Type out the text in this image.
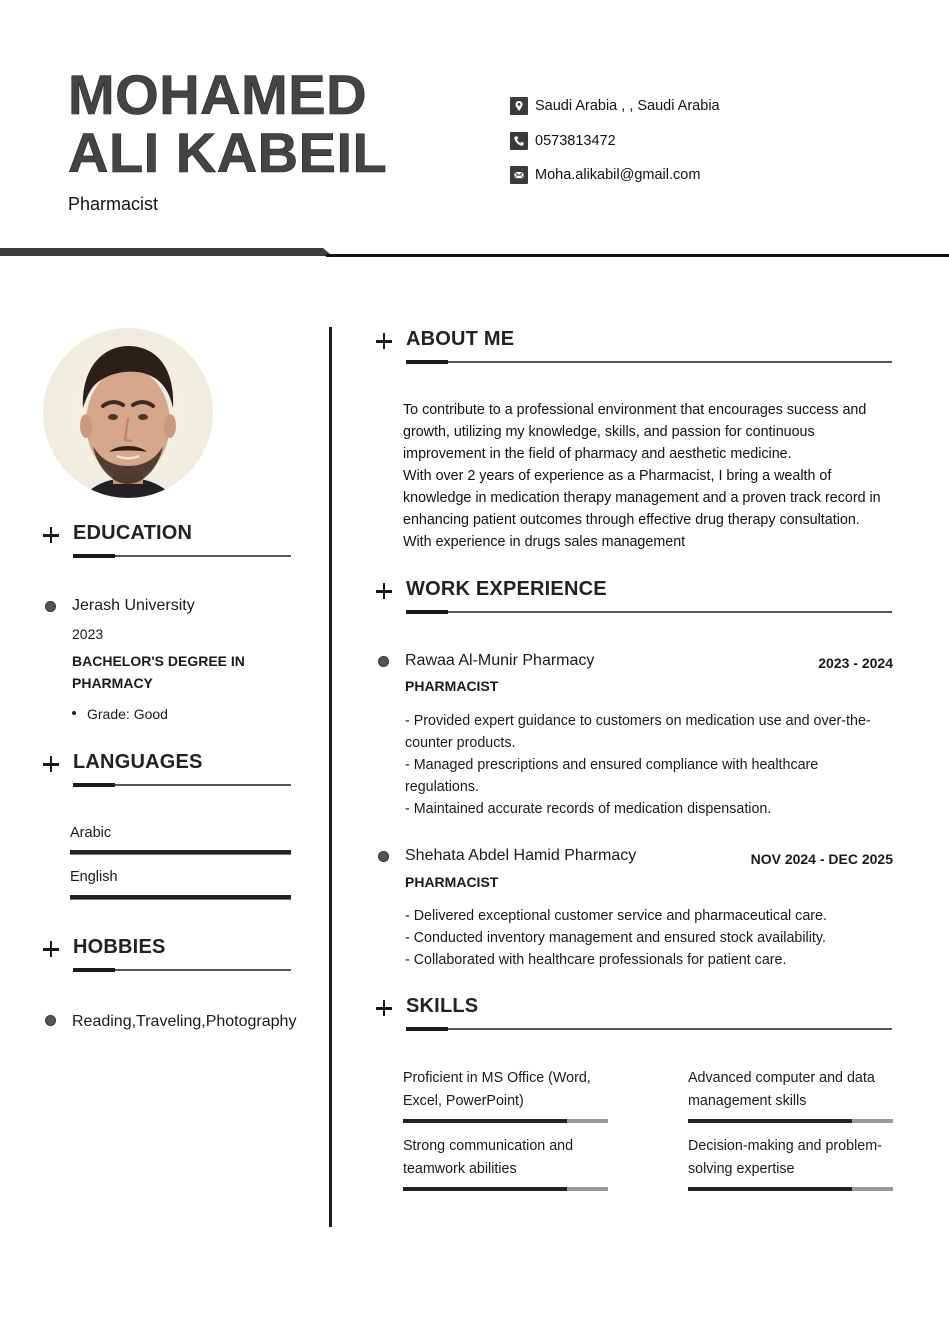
MOHAMED
ALI KABEIL
Pharmacist
Saudi Arabia , , Saudi Arabia
0573813472
Moha.alikabil@gmail.com
EDUCATION
Jerash University
2023
BACHELOR'S DEGREE IN PHARMACY
Grade: Good
LANGUAGES
Arabic
English
HOBBIES
Reading,Traveling,Photography
ABOUT ME

To contribute to a professional environment that encourages success and growth, utilizing my knowledge, skills, and passion for continuous improvement in the field of pharmacy and aesthetic medicine.

With over 2 years of experience as a Pharmacist, I bring a wealth of knowledge in medication therapy management and a proven track record in enhancing patient outcomes through effective drug therapy consultation.

With experience in drugs sales management

WORK EXPERIENCE
Rawaa Al-Munir Pharmacy	2023 - 2024
PHARMACIST
- Provided expert guidance to customers on medication use and over-the-counter products.
- Managed prescriptions and ensured compliance with healthcare regulations.
- Maintained accurate records of medication dispensation.
Shehata Abdel Hamid Pharmacy	NOV 2024 - DEC 2025
PHARMACIST
- Delivered exceptional customer service and pharmaceutical care.
- Conducted inventory management and ensured stock availability.
- Collaborated with healthcare professionals for patient care.
SKILLS
Proficient in MS Office (Word, Excel, PowerPoint)
Advanced computer and data management skills
Strong communication and teamwork abilities
Decision-making and problem-solving expertise
